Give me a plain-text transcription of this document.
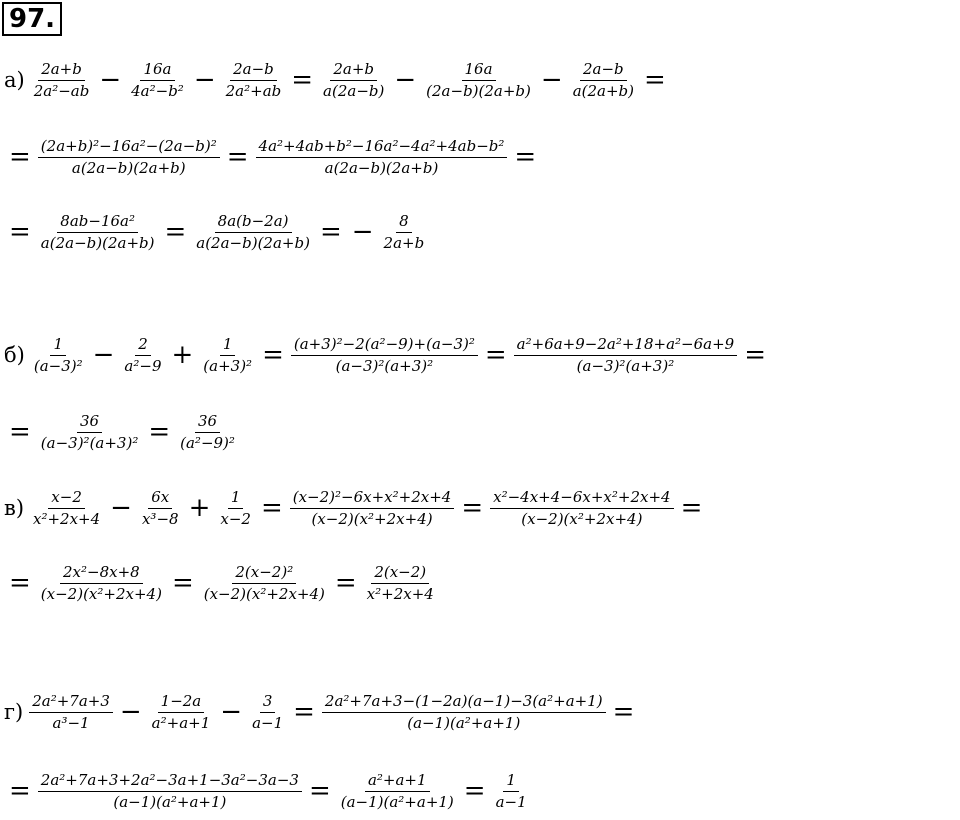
97.
$а) \frac{2a+b}{\text{2a²−ab}} - \frac{16a}{\text{4a²−b²}} - \frac{2a-b}{\text{2a²+ab}} = \frac{2a+b}{a(2a-b)} - \frac{16a}{(2a-b)(2a+b)} - \frac{2a-b}{a(2a+b)}$ =
= $\frac{\text{(2a+b)²−16a²−(2a−b)²}}{a(2a-b)(2a+b)} = \frac{\text{4a²+4ab+b²−16a²−4a²+4ab−b²}}{a(2a-b)(2a+b)}$ =
= $\frac{\text{8ab−16a²}}{a(2a-b)(2a+b)} = \frac{8a(b-2a)}{a(2a-b)(2a+b)}$ = − $\frac{8}{2a+b}$
$б) \frac{1}{\text{(a−3)²}} - \frac{2}{\text{a²−9}} + \frac{1}{\text{(a+3)²}} = \frac{\text{(a+3)²−2(a²−9)+(a−3)²}}{\text{(a−3)²(a+3)²}} = \frac{\text{a²+6a+9−2a²+18+a²−6a+9}}{\text{(a−3)²(a+3)²}}$ =
= $\frac{36}{\text{(a−3)²(a+3)²}} = \frac{36}{\text{(a²−9)²}}$
$в) \frac{x-2}{\text{x²+2x+4}} - \frac{6x}{\text{x³−8}} + \frac{1}{x-2} = \frac{\text{(x−2)²−6x+x²+2x+4}}{\text{(x−2)(x²+2x+4)}} = \frac{\text{x²−4x+4−6x+x²+2x+4}}{\text{(x−2)(x²+2x+4)}}$ =
= $\frac{\text{2x²−8x+8}}{\text{(x−2)(x²+2x+4)}} = \frac{\text{2(x−2)²}}{\text{(x−2)(x²+2x+4)}} = \frac{2(x-2)}{\text{x²+2x+4}}$
$г) \frac{\text{2a²+7a+3}}{\text{a³−1}} - \frac{1-2a}{\text{a²+a+1}} - \frac{3}{a-1} = \frac{\text{2a²+7a+3−(1−2a)(a−1)−3(a²+a+1)}}{\text{(a−1)(a²+a+1)}}$ =
= $\frac{\text{2a²+7a+3+2a²−3a+1−3a²−3a−3}}{\text{(a−1)(a²+a+1)}} = \frac{\text{a²+a+1}}{\text{(a−1)(a²+a+1)}} = \frac{1}{a-1}$
